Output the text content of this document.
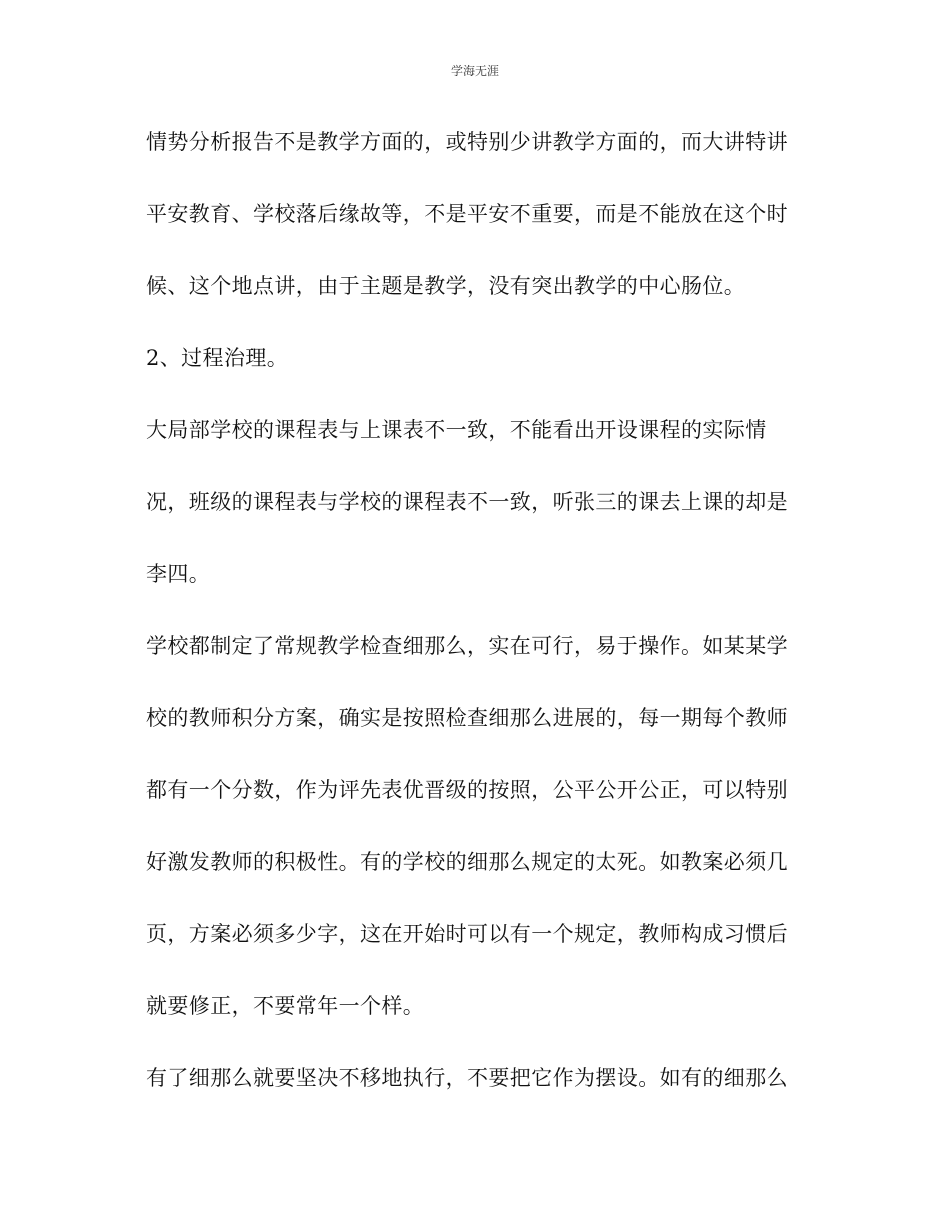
学海无涯
情势分析报告不是教学方面的，或特别少讲教学方面的，而大讲特讲
平安教育、学校落后缘故等，不是平安不重要，而是不能放在这个时
候、这个地点讲，由于主题是教学，没有突出教学的中心肠位。
2、过程治理。
大局部学校的课程表与上课表不一致，不能看出开设课程的实际情
况，班级的课程表与学校的课程表不一致，听张三的课去上课的却是
李四。
学校都制定了常规教学检查细那么，实在可行，易于操作。如某某学
校的教师积分方案，确实是按照检查细那么进展的，每一期每个教师
都有一个分数，作为评先表优晋级的按照，公平公开公正，可以特别
好激发教师的积极性。有的学校的细那么规定的太死。如教案必须几
页，方案必须多少字，这在开始时可以有一个规定，教师构成习惯后
就要修正，不要常年一个样。
有了细那么就要坚决不移地执行，不要把它作为摆设。如有的细那么
